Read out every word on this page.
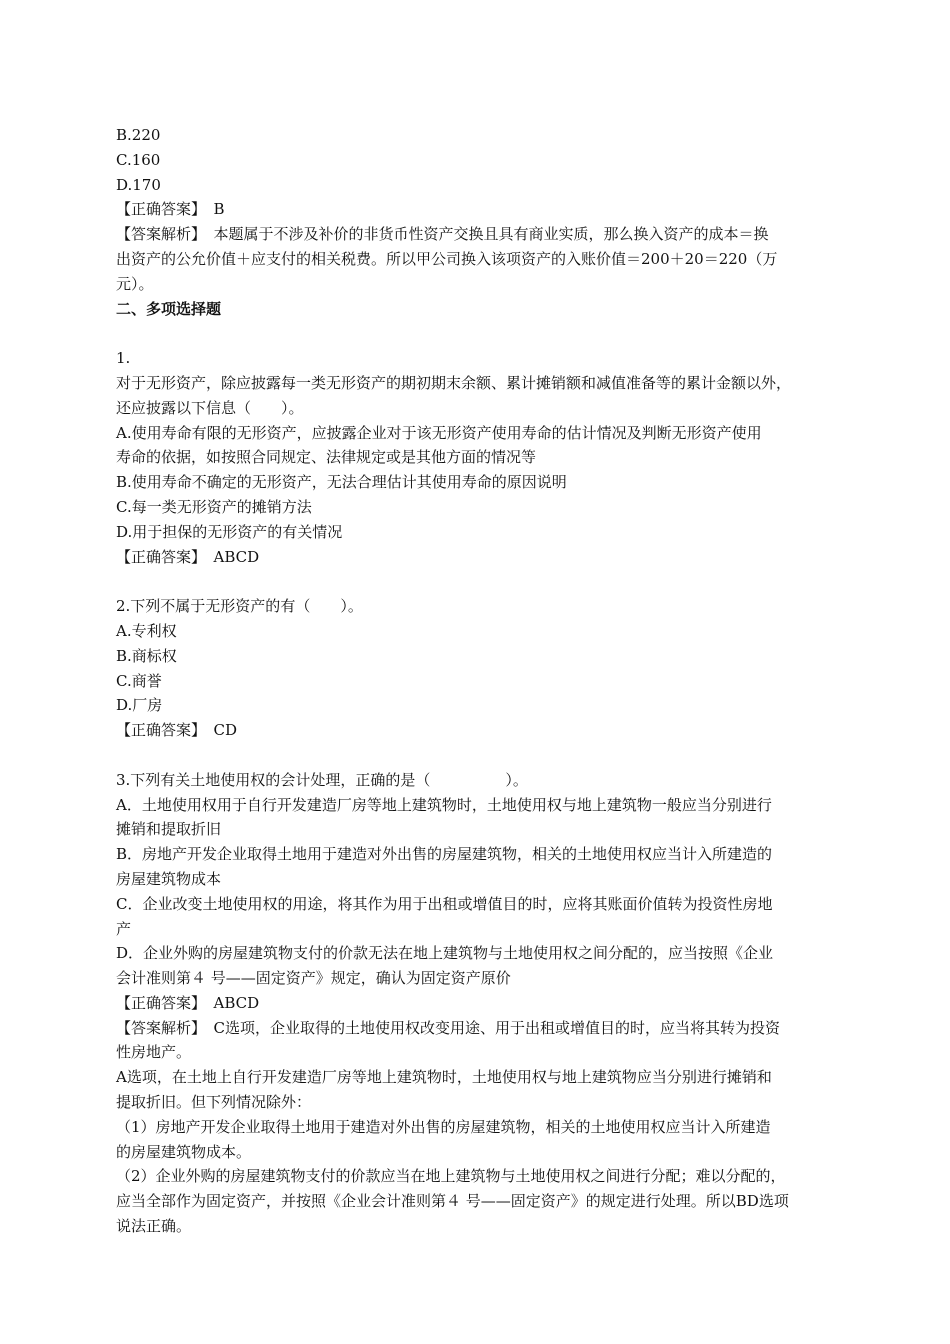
B.220
C.160
D.170
【正确答案】　B
【答案解析】　本题属于不涉及补价的非货币性资产交换且具有商业实质，那么换入资产的成本＝换
出资产的公允价值＋应支付的相关税费。所以甲公司换入该项资产的入账价值＝200＋20＝220（万
元）。
二、多项选择题
1.
对于无形资产，除应披露每一类无形资产的期初期末余额、累计摊销额和减值准备等的累计金额以外，
还应披露以下信息（　　）。
A.使用寿命有限的无形资产，应披露企业对于该无形资产使用寿命的估计情况及判断无形资产使用
寿命的依据，如按照合同规定、法律规定或是其他方面的情况等
B.使用寿命不确定的无形资产，无法合理估计其使用寿命的原因说明
C.每一类无形资产的摊销方法
D.用于担保的无形资产的有关情况
【正确答案】　ABCD
2.下列不属于无形资产的有（　　）。
A.专利权
B.商标权
C.商誉
D.厂房
【正确答案】　CD
3.下列有关土地使用权的会计处理，正确的是（　　　　　）。
A．土地使用权用于自行开发建造厂房等地上建筑物时，土地使用权与地上建筑物一般应当分别进行
摊销和提取折旧
B．房地产开发企业取得土地用于建造对外出售的房屋建筑物，相关的土地使用权应当计入所建造的
房屋建筑物成本
C．企业改变土地使用权的用途，将其作为用于出租或增值目的时，应将其账面价值转为投资性房地
产
D．企业外购的房屋建筑物支付的价款无法在地上建筑物与土地使用权之间分配的，应当按照《企业
会计准则第４ 号——固定资产》规定，确认为固定资产原价
【正确答案】　ABCD
【答案解析】　C选项，企业取得的土地使用权改变用途、用于出租或增值目的时，应当将其转为投资
性房地产。
A选项，在土地上自行开发建造厂房等地上建筑物时，土地使用权与地上建筑物应当分别进行摊销和
提取折旧。但下列情况除外：
（1）房地产开发企业取得土地用于建造对外出售的房屋建筑物，相关的土地使用权应当计入所建造
的房屋建筑物成本。
（2）企业外购的房屋建筑物支付的价款应当在地上建筑物与土地使用权之间进行分配；难以分配的，
应当全部作为固定资产，并按照《企业会计准则第４ 号——固定资产》的规定进行处理。所以BD选项
说法正确。
